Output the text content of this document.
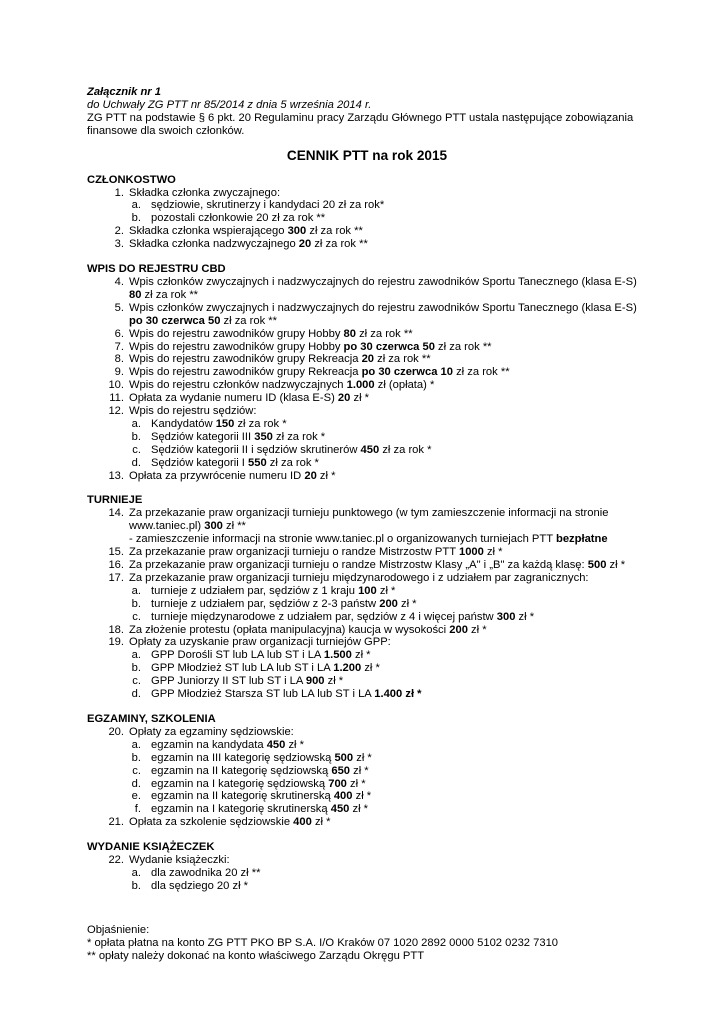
Załącznik nr 1
do Uchwały ZG PTT nr 85/2014 z dnia 5 września 2014 r.
ZG PTT na podstawie § 6 pkt. 20 Regulaminu pracy Zarządu Głównego PTT ustala następujące zobowiązania finansowe dla swoich członków.
CENNIK PTT na rok 2015
CZŁONKOSTWO
1. Składka członka zwyczajnego:
a. sędziowie, skrutinerzy i kandydaci 20 zł za rok*
b. pozostali członkowie 20 zł za rok **
2. Składka członka wspierającego 300 zł za rok **
3. Składka członka nadzwyczajnego 20 zł za rok **
WPIS DO REJESTRU CBD
4. Wpis członków zwyczajnych i nadzwyczajnych do rejestru zawodników Sportu Tanecznego (klasa E-S) 80 zł za rok **
5. Wpis członków zwyczajnych i nadzwyczajnych do rejestru zawodników Sportu Tanecznego (klasa E-S) po 30 czerwca 50 zł za rok **
6. Wpis do rejestru zawodników grupy Hobby 80 zł za rok **
7. Wpis do rejestru zawodników grupy Hobby po 30 czerwca 50 zł za rok **
8. Wpis do rejestru zawodników grupy Rekreacja 20 zł za rok **
9. Wpis do rejestru zawodników grupy Rekreacja po 30 czerwca 10 zł za rok **
10. Wpis do rejestru członków nadzwyczajnych 1.000 zł (opłata) *
11. Opłata za wydanie numeru ID (klasa E-S) 20 zł *
12. Wpis do rejestru sędziów:
a. Kandydatów 150 zł za rok *
b. Sędziów kategorii III 350 zł za rok *
c. Sędziów kategorii II i sędziów skrutinerów 450 zł za rok *
d. Sędziów kategorii I 550 zł za rok *
13. Opłata za przywrócenie numeru ID 20 zł *
TURNIEJE
14. Za przekazanie praw organizacji turnieju punktowego (w tym zamieszczenie informacji na stronie www.taniec.pl) 300 zł **
- zamieszczenie informacji na stronie www.taniec.pl o organizowanych turniejach PTT bezpłatne
15. Za przekazanie praw organizacji turnieju o randze Mistrzostw PTT 1000 zł *
16. Za przekazanie praw organizacji turnieju o randze Mistrzostw Klasy „A" i „B" za każdą klasę: 500 zł *
17. Za przekazanie praw organizacji turnieju międzynarodowego i z udziałem par zagranicznych:
a. turnieje z udziałem par, sędziów z 1 kraju 100 zł *
b. turnieje z udziałem par, sędziów z 2-3 państw 200 zł *
c. turnieje międzynarodowe z udziałem par, sędziów z 4 i więcej państw 300 zł *
18. Za złożenie protestu (opłata manipulacyjna) kaucja w wysokości 200 zł *
19. Opłaty za uzyskanie praw organizacji turniejów GPP:
a. GPP Dorośli ST lub LA lub ST i LA 1.500 zł *
b. GPP Młodzież ST lub LA lub ST i LA 1.200 zł *
c. GPP Juniorzy II ST lub ST i LA 900 zł *
d. GPP Młodzież Starsza ST lub LA lub ST i LA 1.400 zł *
EGZAMINY, SZKOLENIA
20. Opłaty za egzaminy sędziowskie:
a. egzamin na kandydata 450 zł *
b. egzamin na III kategorię sędziowską 500 zł *
c. egzamin na II kategorię sędziowską 650 zł *
d. egzamin na I kategorię sędziowską 700 zł *
e. egzamin na II kategorię skrutinerską 400 zł *
f. egzamin na I kategorię skrutinerską 450 zł *
21. Opłata za szkolenie sędziowskie 400 zł *
WYDANIE KSIĄŻECZEK
22. Wydanie książeczki:
a. dla zawodnika 20 zł **
b. dla sędziego 20 zł *
Objaśnienie:
* opłata płatna na konto ZG PTT PKO BP S.A. I/O Kraków 07 1020 2892 0000 5102 0232 7310
** opłaty należy dokonać na konto właściwego Zarządu Okręgu PTT
